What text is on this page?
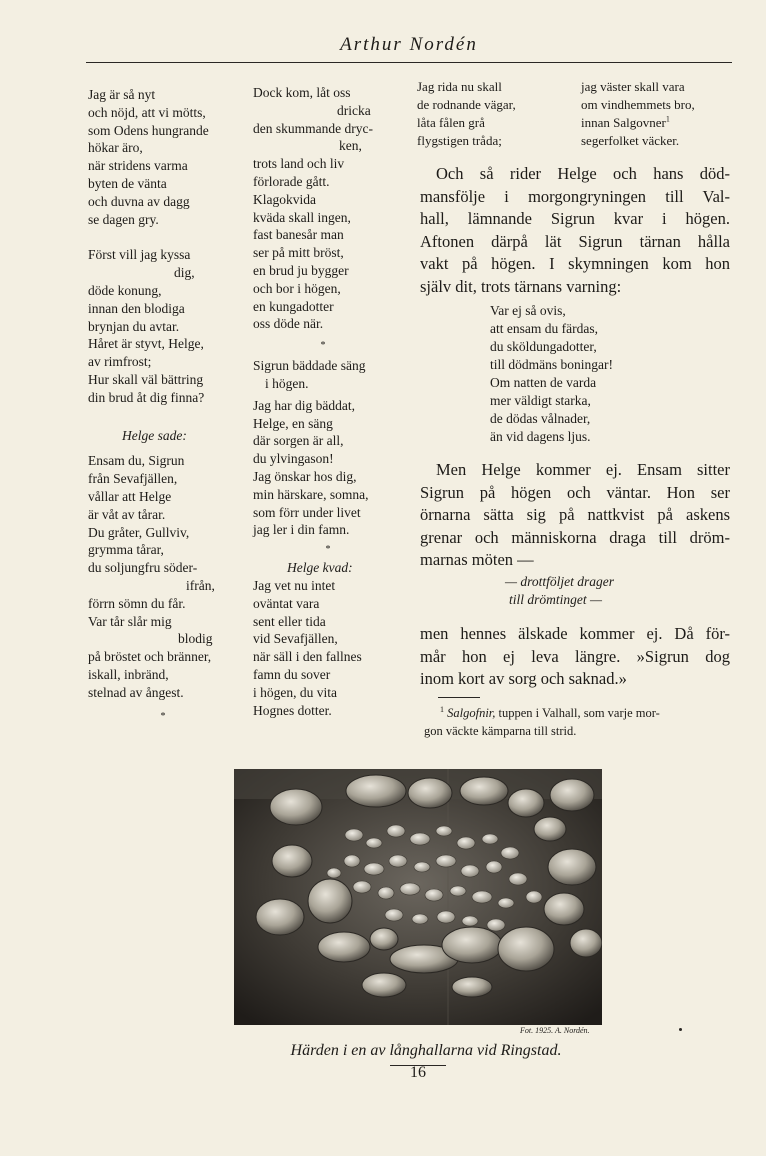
Arthur Nordén
Jag är så nyt
och nöjd, att vi mötts,
som Odens hungrande
hökar äro,
när stridens varma
byten de vänta
och duvna av dagg
se dagen gry.
Först vill jag kyssa
dig,
döde konung,
innan den blodiga
brynjan du avtar.
Håret är styvt, Helge,
av rimfrost;
Hur skall väl bättring
din brud åt dig finna?
Helge sade:
Ensam du, Sigrun
från Sevafjällen,
vållar att Helge
är våt av tårar.
Du gråter, Gullviv,
grymma tårar,
du soljungfru söder-
ifrån,
förrn sömn du får.
Var tår slår mig
blodig
på bröstet och bränner,
iskall, inbränd,
stelnad av ångest.
*
Dock kom, låt oss
dricka
den skummande dryc-
ken,
trots land och liv
förlorade gått.
Klagokvida
kväda skall ingen,
fast banesår man
ser på mitt bröst,
en brud ju bygger
och bor i högen,
en kungadotter
oss döde när.
*
Sigrun bäddade säng
i högen.
Jag har dig bäddat,
Helge, en säng
där sorgen är all,
du ylvingason!
Jag önskar hos dig,
min härskare, somna,
som förr under livet
jag ler i din famn.
*
Helge kvad:
Jag vet nu intet
oväntat vara
sent eller tida
vid Sevafjällen,
när säll i den fallnes
famn du sover
i högen, du vita
Hognes dotter.
Jag rida nu skall
de rodnande vägar,
låta fålen grå
flygstigen tråda;
jag väster skall vara
om vindhemmets bro,
innan Salgovner$^1$
segerfolket väcker.
Och så rider Helge och hans död-
mansfölje i morgongryningen till Val-
hall, lämnande Sigrun kvar i högen.
Aftonen därpå lät Sigrun tärnan hålla
vakt på högen. I skymningen kom hon
själv dit, trots tärnans varning:
Var ej så ovis,
att ensam du färdas,
du sköldungadotter,
till dödmäns boningar!
Om natten de varda
mer väldigt starka,
de dödas vålnader,
än vid dagens ljus.
Men Helge kommer ej. Ensam sitter
Sigrun på högen och väntar. Hon ser
örnarna sätta sig på nattkvist på askens
grenar och människorna draga till dröm-
marnas möten —
— drottföljet drager
till drömtinget —
men hennes älskade kommer ej. Då för-
mår hon ej leva längre. »Sigrun dog
inom kort av sorg och saknad.»
$^1$ Salgofnir, tuppen i Valhall, som varje mor-
gon väckte kämparna till strid.
Fot. 1925. A. Nordén.
Härden i en av långhallarna vid Ringstad.
16
